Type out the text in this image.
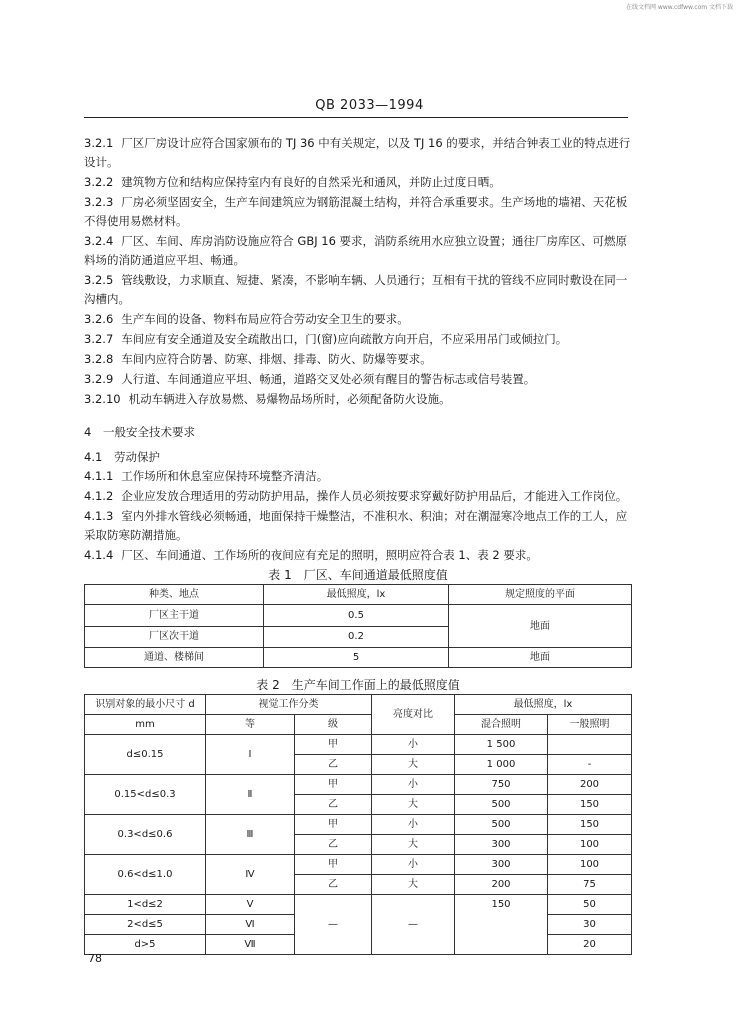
在线文档网 www.cdfww.com 文档下载
QB 2033—1994
3.2.1 厂区厂房设计应符合国家颁布的 TJ 36 中有关规定，以及 TJ 16 的要求，并结合钟表工业的特点进行设计。
3.2.2 建筑物方位和结构应保持室内有良好的自然采光和通风，并防止过度日晒。
3.2.3 厂房必须坚固安全，生产车间建筑应为钢筋混凝土结构，并符合承重要求。生产场地的墙裙、天花板不得使用易燃材料。
3.2.4 厂区、车间、库房消防设施应符合 GBJ 16 要求，消防系统用水应独立设置；通往厂房库区、可燃原料场的消防通道应平坦、畅通。
3.2.5 管线敷设，力求顺直、短捷、紧凑，不影响车辆、人员通行；互相有干扰的管线不应同时敷设在同一沟槽内。
3.2.6 生产车间的设备、物料布局应符合劳动安全卫生的要求。
3.2.7 车间应有安全通道及安全疏散出口，门(窗)应向疏散方向开启，不应采用吊门或倾拉门。
3.2.8 车间内应符合防暑、防寒、排烟、排毒、防火、防爆等要求。
3.2.9 人行道、车间通道应平坦、畅通，道路交叉处必须有醒目的警告标志或信号装置。
3.2.10 机动车辆进入存放易燃、易爆物品场所时，必须配备防火设施。
4 一般安全技术要求
4.1 劳动保护
4.1.1 工作场所和休息室应保持环境整齐清洁。
4.1.2 企业应发放合理适用的劳动防护用品，操作人员必须按要求穿戴好防护用品后，才能进入工作岗位。
4.1.3 室内外排水管线必须畅通，地面保持干燥整洁，不准积水、积油；对在潮湿寒冷地点工作的工人，应采取防寒防潮措施。
4.1.4 厂区、车间通道、工作场所的夜间应有充足的照明，照明应符合表 1、表 2 要求。
表 1　厂区、车间通道最低照度值
种类、地点	最低照度，lx	规定照度的平面
厂区主干道	0.5	地面
厂区次干道	0.2	
通道、楼梯间	5	地面
表 2　生产车间工作面上的最低照度值
识别对象的最小尺寸 d	视觉工作分类		亮度对比	最低照度，lx	
mm	等	级		混合照明	一般照明
d≤0.15	Ⅰ	甲	小	1 500	
		乙	大	1 000	-
0.15<d≤0.3	Ⅱ	甲	小	750	200
		乙	大	500	150
0.3<d≤0.6	Ⅲ	甲	小	500	150
		乙	大	300	100
0.6<d≤1.0	Ⅳ	甲	小	300	100
		乙	大	200	75
1<d≤2	Ⅴ	—	—	150	50
2<d≤5	Ⅵ				30
d>5	Ⅶ				20
78
